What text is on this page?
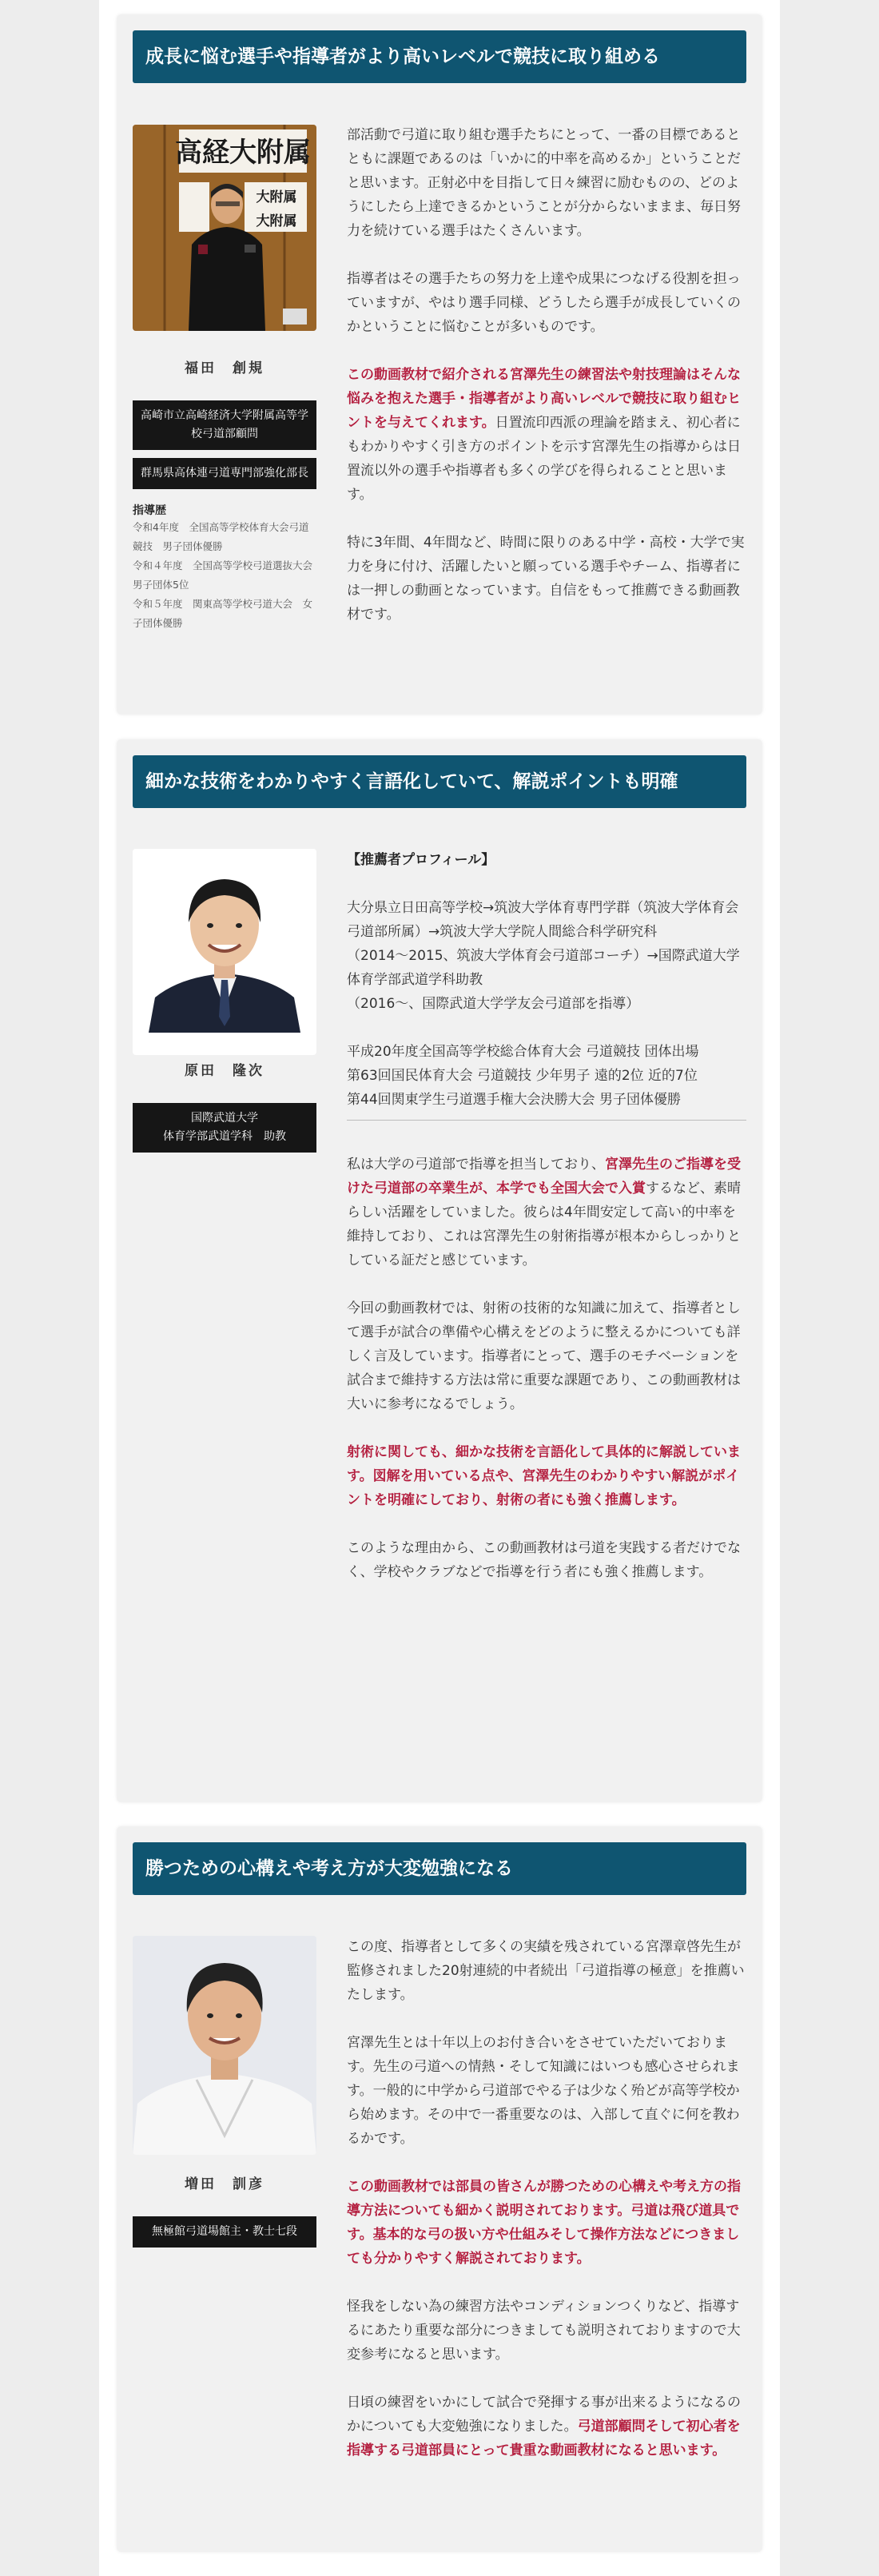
成長に悩む選手や指導者がより高いレベルで競技に取り組める
高経大附属
大附属
大附属
福田　創規
高崎市立高崎経済大学附属高等学校弓道部顧問
群馬県高体連弓道専門部強化部長
指導歴
令和4年度　全国高等学校体育大会弓道競技　男子団体優勝
令和４年度　全国高等学校弓道選抜大会　男子団体5位
令和５年度　関東高等学校弓道大会　女子団体優勝

部活動で弓道に取り組む選手たちにとって、一番の目標であるとともに課題であるのは「いかに的中率を高めるか」ということだと思います。正射必中を目指して日々練習に励むものの、どのようにしたら上達できるかということが分からないままま、毎日努力を続けている選手はたくさんいます。

指導者はその選手たちの努力を上達や成果につなげる役割を担っていますが、やはり選手同様、どうしたら選手が成長していくのかということに悩むことが多いものです。

この動画教材で紹介される宮澤先生の練習法や射技理論はそんな悩みを抱えた選手・指導者がより高いレベルで競技に取り組むヒントを与えてくれます。日置流印西派の理論を踏まえ、初心者にもわかりやすく引き方のポイントを示す宮澤先生の指導からは日置流以外の選手や指導者も多くの学びを得られることと思います。

特に3年間、4年間など、時間に限りのある中学・高校・大学で実力を身に付け、活躍したいと願っている選手やチーム、指導者には一押しの動画となっています。自信をもって推薦できる動画教材です。

細かな技術をわかりやすく言語化していて、解説ポイントも明確
原田　隆次
国際武道大学
体育学部武道学科　助教

【推薦者プロフィール】

大分県立日田高等学校→筑波大学体育専門学群（筑波大学体育会弓道部所属）→筑波大学大学院人間総合科学研究科
（2014〜2015、筑波大学体育会弓道部コーチ）→国際武道大学体育学部武道学科助教
（2016〜、国際武道大学学友会弓道部を指導）

平成20年度全国高等学校総合体育大会 弓道競技 団体出場
第63回国民体育大会 弓道競技 少年男子 遠的2位 近的7位
第44回関東学生弓道選手権大会決勝大会 男子団体優勝

私は大学の弓道部で指導を担当しており、宮澤先生のご指導を受けた弓道部の卒業生が、本学でも全国大会で入賞するなど、素晴らしい活躍をしていました。彼らは4年間安定して高い的中率を維持しており、これは宮澤先生の射術指導が根本からしっかりとしている証だと感じています。

今回の動画教材では、射術の技術的な知識に加えて、指導者として選手が試合の準備や心構えをどのように整えるかについても詳しく言及しています。指導者にとって、選手のモチベーションを試合まで維持する方法は常に重要な課題であり、この動画教材は大いに参考になるでしょう。

射術に関しても、細かな技術を言語化して具体的に解説しています。図解を用いている点や、宮澤先生のわかりやすい解説がポイントを明確にしており、射術の者にも強く推薦します。

このような理由から、この動画教材は弓道を実践する者だけでなく、学校やクラブなどで指導を行う者にも強く推薦します。

勝つための心構えや考え方が大変勉強になる
増田　訓彦
無極館弓道場館主・教士七段

この度、指導者として多くの実績を残されている宮澤章啓先生が監修されました20射連続的中者続出「弓道指導の極意」を推薦いたします。

宮澤先生とは十年以上のお付き合いをさせていただいております。先生の弓道への情熱・そして知識にはいつも感心させられます。一般的に中学から弓道部でやる子は少なく殆どが高等学校から始めます。その中で一番重要なのは、入部して直ぐに何を教わるかです。

この動画教材では部員の皆さんが勝つための心構えや考え方の指導方法についても細かく説明されております。弓道は飛び道具です。基本的な弓の扱い方や仕組みそして操作方法などにつきましても分かりやすく解説されております。

怪我をしない為の練習方法やコンディションつくりなど、指導するにあたり重要な部分につきましても説明されておりますので大変参考になると思います。

日頃の練習をいかにして試合で発揮する事が出来るようになるのかについても大変勉強になりました。弓道部顧問そして初心者を指導する弓道部員にとって貴重な動画教材になると思います。
